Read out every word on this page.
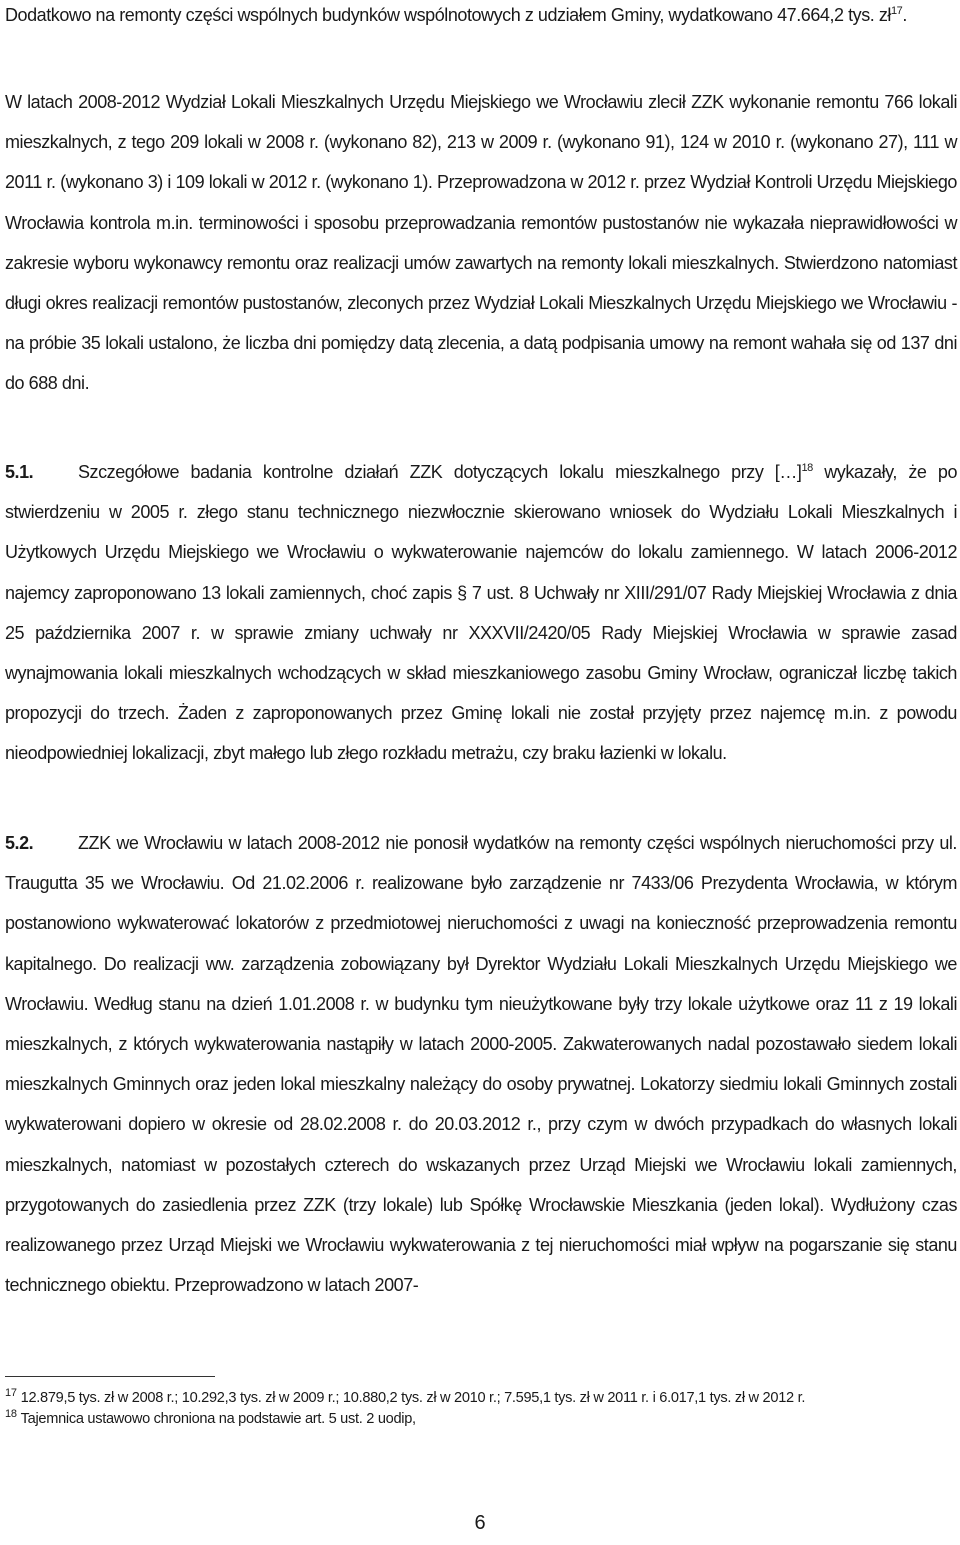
Dodatkowo na remonty części wspólnych budynków wspólnotowych z udziałem Gminy, wydatkowano 47.664,2 tys. $zł^{17}$.

W latach 2008-2012 Wydział Lokali Mieszkalnych Urzędu Miejskiego we Wrocławiu zlecił ZZK wykonanie remontu 766 lokali mieszkalnych, z tego 209 lokali w 2008 r. (wykonano 82), 213 w 2009 r. (wykonano 91), 124 w 2010 r. (wykonano 27), 111 w 2011 r. (wykonano 3) i 109 lokali w 2012 r. (wykonano 1). Przeprowadzona w 2012 r. przez Wydział Kontroli Urzędu Miejskiego Wrocławia kontrola m.in. terminowości i sposobu przeprowadzania remontów pustostanów nie wykazała nieprawidłowości w zakresie wyboru wykonawcy remontu oraz realizacji umów zawartych na remonty lokali mieszkalnych. Stwierdzono natomiast długi okres realizacji remontów pustostanów, zleconych przez Wydział Lokali Mieszkalnych Urzędu Miejskiego we Wrocławiu - na próbie 35 lokali ustalono, że liczba dni pomiędzy datą zlecenia, a datą podpisania umowy na remont wahała się od 137 dni do 688 dni.

5.1. Szczegółowe badania kontrolne działań ZZK dotyczących lokalu mieszkalnego przy […]$^{18}$ wykazały, że po stwierdzeniu w 2005 r. złego stanu technicznego niezwłocznie skierowano wniosek do Wydziału Lokali Mieszkalnych i Użytkowych Urzędu Miejskiego we Wrocławiu o wykwaterowanie najemców do lokalu zamiennego. W latach 2006-2012 najemcy zaproponowano 13 lokali zamiennych, choć zapis § 7 ust. 8 Uchwały nr XIII/291/07 Rady Miejskiej Wrocławia z dnia 25 października 2007 r. w sprawie zmiany uchwały nr XXXVII/2420/05 Rady Miejskiej Wrocławia w sprawie zasad wynajmowania lokali mieszkalnych wchodzących w skład mieszkaniowego zasobu Gminy Wrocław, ograniczał liczbę takich propozycji do trzech. Żaden z zaproponowanych przez Gminę lokali nie został przyjęty przez najemcę m.in. z powodu nieodpowiedniej lokalizacji, zbyt małego lub złego rozkładu metrażu, czy braku łazienki w lokalu.

5.2. ZZK we Wrocławiu w latach 2008-2012 nie ponosił wydatków na remonty części wspólnych nieruchomości przy ul. Traugutta 35 we Wrocławiu. Od 21.02.2006 r. realizowane było zarządzenie nr 7433/06 Prezydenta Wrocławia, w którym postanowiono wykwaterować lokatorów z przedmiotowej nieruchomości z uwagi na konieczność przeprowadzenia remontu kapitalnego. Do realizacji ww. zarządzenia zobowiązany był Dyrektor Wydziału Lokali Mieszkalnych Urzędu Miejskiego we Wrocławiu. Według stanu na dzień 1.01.2008 r. w budynku tym nieużytkowane były trzy lokale użytkowe oraz 11 z 19 lokali mieszkalnych, z których wykwaterowania nastąpiły w latach 2000-2005. Zakwaterowanych nadal pozostawało siedem lokali mieszkalnych Gminnych oraz jeden lokal mieszkalny należący do osoby prywatnej. Lokatorzy siedmiu lokali Gminnych zostali wykwaterowani dopiero w okresie od 28.02.2008 r. do 20.03.2012 r., przy czym w dwóch przypadkach do własnych lokali mieszkalnych, natomiast w pozostałych czterech do wskazanych przez Urząd Miejski we Wrocławiu lokali zamiennych, przygotowanych do zasiedlenia przez ZZK (trzy lokale) lub Spółkę Wrocławskie Mieszkania (jeden lokal). Wydłużony czas realizowanego przez Urząd Miejski we Wrocławiu wykwaterowania z tej nieruchomości miał wpływ na pogarszanie się stanu technicznego obiektu. Przeprowadzono w latach 2007-

$^{17}$ 12.879,5 tys. zł w 2008 r.; 10.292,3 tys. zł w 2009 r.; 10.880,2 tys. zł w 2010 r.; 7.595,1 tys. zł w 2011 r. i 6.017,1 tys. zł w 2012 r.

$^{18}$ Tajemnica ustawowo chroniona na podstawie art. 5 ust. 2 uodip,

6
